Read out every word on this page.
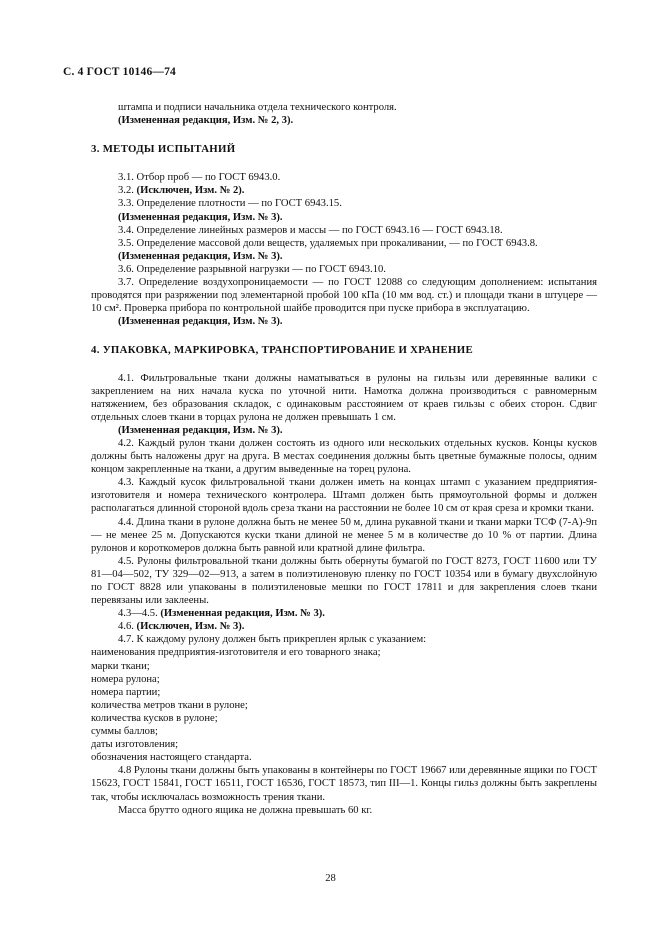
С. 4 ГОСТ 10146—74

штампа и подписи начальника отдела технического контроля.

(Измененная редакция, Изм. № 2, 3).

3. МЕТОДЫ ИСПЫТАНИЙ

3.1. Отбор проб — по ГОСТ 6943.0.

3.2. (Исключен, Изм. № 2).

3.3. Определение плотности — по ГОСТ 6943.15.

(Измененная редакция, Изм. № 3).

3.4. Определение линейных размеров и массы — по ГОСТ 6943.16 — ГОСТ 6943.18.

3.5. Определение массовой доли веществ, удаляемых при прокаливании, — по ГОСТ 6943.8.

(Измененная редакция, Изм. № 3).

3.6. Определение разрывной нагрузки — по ГОСТ 6943.10.

3.7. Определение воздухопроницаемости — по ГОСТ 12088 со следующим дополнением: испытания проводятся при разряжении под элементарной пробой 100 кПа (10 мм вод. ст.) и площади ткани в штуцере — 10 см². Проверка прибора по контрольной шайбе проводится при пуске прибора в эксплуатацию.

(Измененная редакция, Изм. № 3).

4. УПАКОВКА, МАРКИРОВКА, ТРАНСПОРТИРОВАНИЕ И ХРАНЕНИЕ

4.1. Фильтровальные ткани должны наматываться в рулоны на гильзы или деревянные валики с закреплением на них начала куска по уточной нити. Намотка должна производиться с равномерным натяжением, без образования складок, с одинаковым расстоянием от краев гильзы с обеих сторон. Сдвиг отдельных слоев ткани в торцах рулона не должен превышать 1 см.

(Измененная редакция, Изм. № 3).

4.2. Каждый рулон ткани должен состоять из одного или нескольких отдельных кусков. Концы кусков должны быть наложены друг на друга. В местах соединения должны быть цветные бумажные полосы, одним концом закрепленные на ткани, а другим выведенные на торец рулона.

4.3. Каждый кусок фильтровальной ткани должен иметь на концах штамп с указанием предприятия-изготовителя и номера технического контролера. Штамп должен быть прямоугольной формы и должен располагаться длинной стороной вдоль среза ткани на расстоянии не более 10 см от края среза и кромки ткани.

4.4. Длина ткани в рулоне должна быть не менее 50 м, длина рукавной ткани и ткани марки ТСФ (7-А)-9п — не менее 25 м. Допускаются куски ткани длиной не менее 5 м в количестве до 10 % от партии. Длина рулонов и короткомеров должна быть равной или кратной длине фильтра.

4.5. Рулоны фильтровальной ткани должны быть обернуты бумагой по ГОСТ 8273, ГОСТ 11600 или ТУ 81—04—502, ТУ 329—02—913, а затем в полиэтиленовую пленку по ГОСТ 10354 или в бумагу двухслойную по ГОСТ 8828 или упакованы в полиэтиленовые мешки по ГОСТ 17811 и для закрепления слоев ткани перевязаны или заклеены.

4.3—4.5. (Измененная редакция, Изм. № 3).

4.6. (Исключен, Изм. № 3).

4.7. К каждому рулону должен быть прикреплен ярлык с указанием:

наименования предприятия-изготовителя и его товарного знака;

марки ткани;

номера рулона;

номера партии;

количества метров ткани в рулоне;

количества кусков в рулоне;

суммы баллов;

даты изготовления;

обозначения настоящего стандарта.

4.8 Рулоны ткани должны быть упакованы в контейнеры по ГОСТ 19667 или деревянные ящики по ГОСТ 15623, ГОСТ 15841, ГОСТ 16511, ГОСТ 16536, ГОСТ 18573, тип III—1. Концы гильз должны быть закреплены так, чтобы исключалась возможность трения ткани.

Масса брутто одного ящика не должна превышать 60 кг.

28
